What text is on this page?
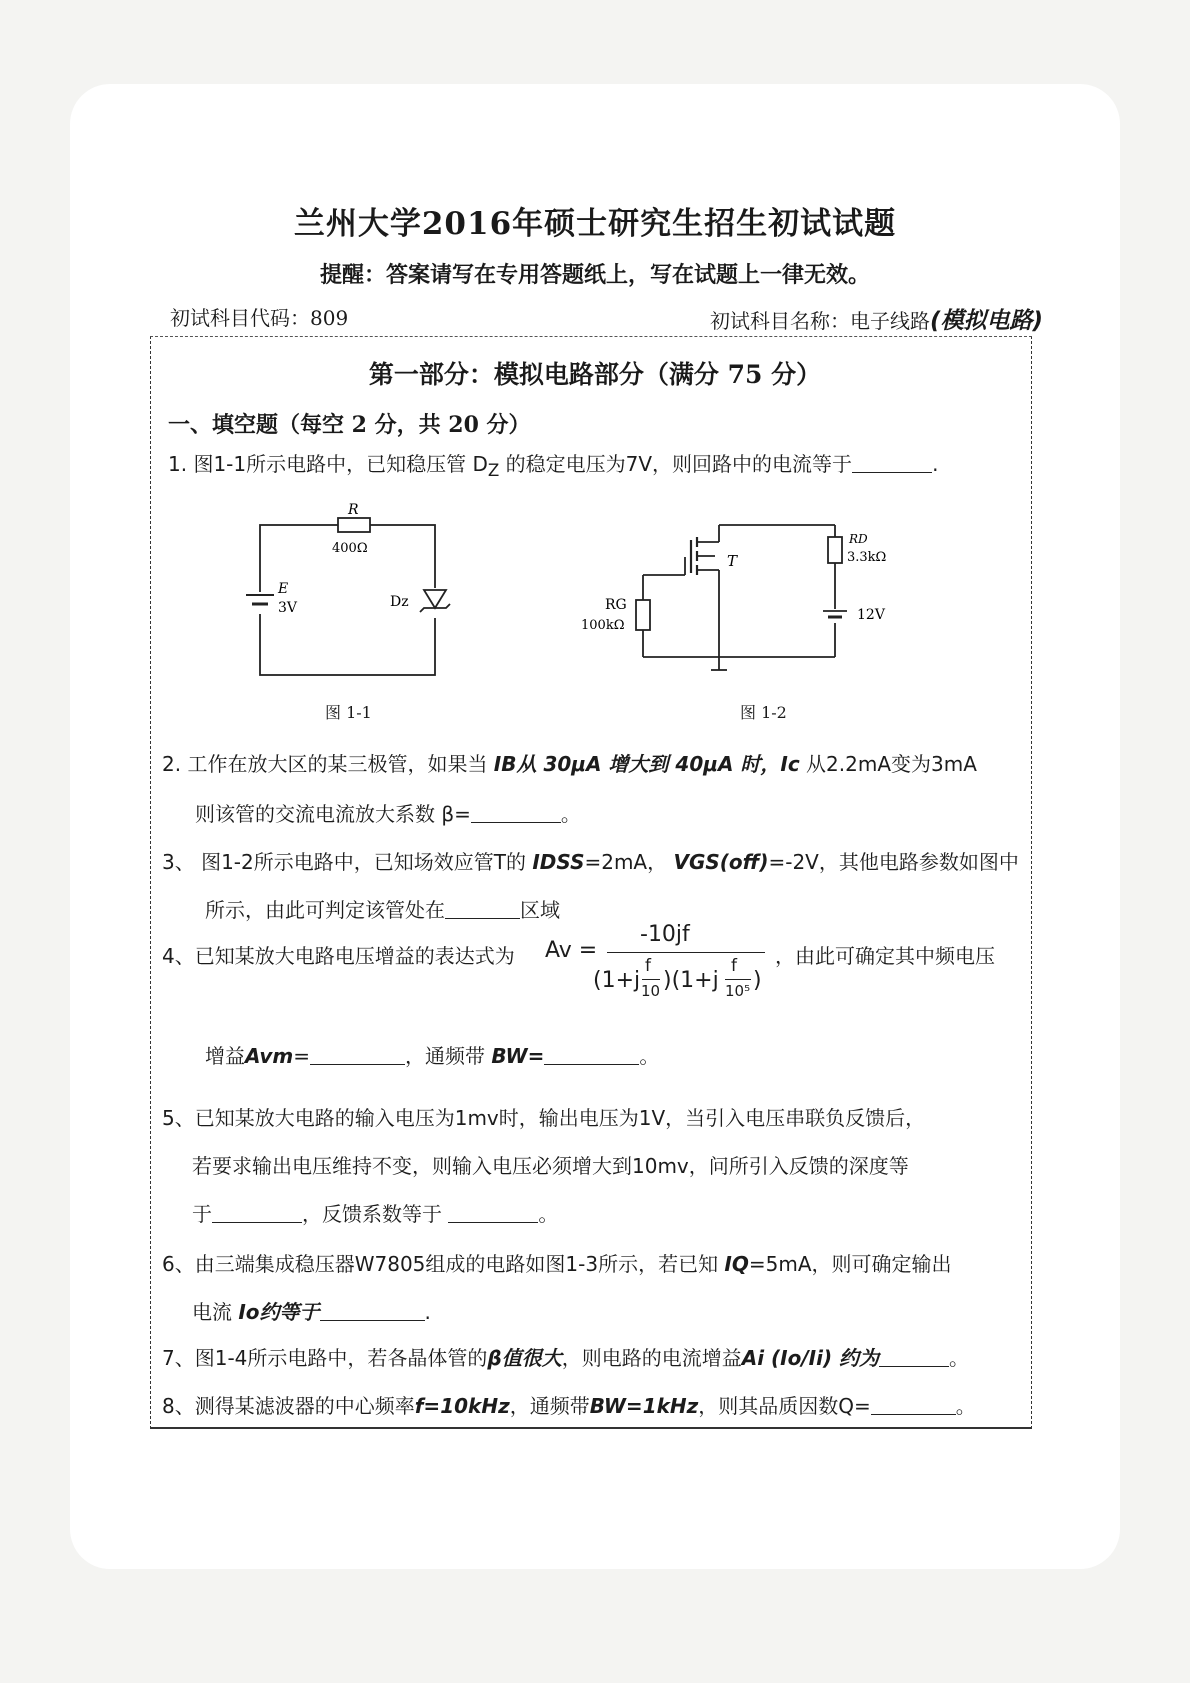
兰州大学2016年硕士研究生招生初试试题
提醒：答案请写在专用答题纸上，写在试题上一律无效。
初试科目代码：809	初试科目名称：电子线路(模拟电路)
第一部分：模拟电路部分（满分 75 分）
一、填空题（每空 2 分，共 20 分）
1. 图1-1所示电路中，已知稳压管 $D_Z$ 的稳定电压为7V，则回路中的电流等于	.
R
400Ω
E
3V	Dz
图 1-1
T
RG
100kΩ
RD
3.3kΩ
12V
图 1-2
2. 工作在放大区的某三极管，如果当 IB从 30μA 增大到 40μA 时，Ic 从2.2mA变为3mA
则该管的交流电流放大系数 β=	。
3、 图1-2所示电路中，已知场效应管T的 IDSS=2mA， VGS(off)=-2V，其他电路参数如图中
所示，由此可判定该管处在	区域
4、已知某放大电路电压增益的表达式为 Av =
-10jf
(1+j
f
10 )(1+j
f
10⁵ )
，由此可确定其中频电压
增益Avm=	，通频带 BW=	。
5、已知某放大电路的输入电压为1mv时，输出电压为1V，当引入电压串联负反馈后，
若要求输出电压维持不变，则输入电压必须增大到10mv，问所引入反馈的深度等
于	，反馈系数等于	。
6、由三端集成稳压器W7805组成的电路如图1-3所示，若已知 IQ=5mA，则可确定输出
电流 Io约等于	.
7、图1-4所示电路中，若各晶体管的β值很大，则电路的电流增益Ai (Io/Ii) 约为	。
8、测得某滤波器的中心频率f=10kHz，通频带BW=1kHz，则其品质因数Q=	。
